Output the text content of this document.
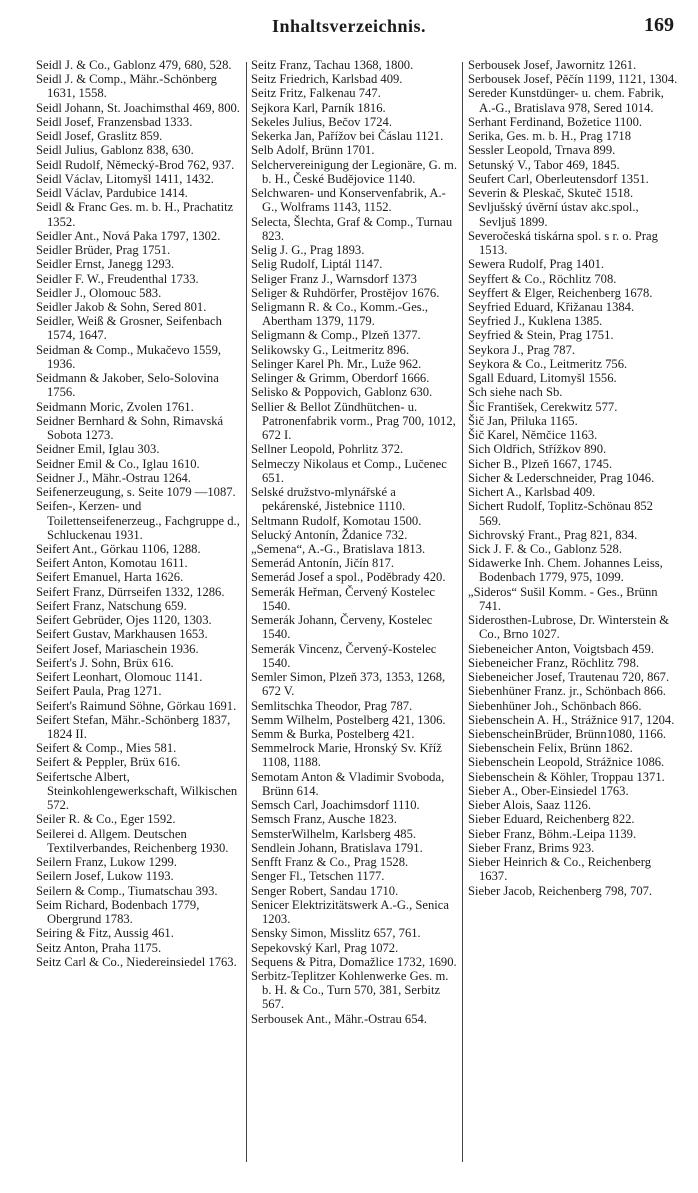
Inhaltsverzeichnis.	169
Seidl J. & Co., Gablonz 479, 680, 528.
Seidl J. & Comp., Mähr.-Schönberg 1631, 1558.
Seidl Johann, St. Joachimsthal 469, 800.
Seidl Josef, Franzensbad 1333.
Seidl Josef, Graslitz 859.
Seidl Julius, Gablonz 838, 630.
Seidl Rudolf, Německý-Brod 762, 937.
Seidl Václav, Litomyšl 1411, 1432.
Seidl Václav, Pardubice 1414.
Seidl & Franc Ges. m. b. H., Prachatitz 1352.
Seidler Ant., Nová Paka 1797, 1302.
Seidler Brüder, Prag 1751.
Seidler Ernst, Janegg 1293.
Seidler F. W., Freudenthal 1733.
Seidler J., Olomouc 583.
Seidler Jakob & Sohn, Sered 801.
Seidler, Weiß & Grosner, Seifenbach 1574, 1647.
Seidman & Comp., Mukačevo 1559, 1936.
Seidmann & Jakober, Selo-Solovina 1756.
Seidmann Moric, Zvolen 1761.
Seidner Bernhard & Sohn, Rimavská Sobota 1273.
Seidner Emil, Iglau 303.
Seidner Emil & Co., Iglau 1610.
Seidner J., Mähr.-Ostrau 1264.
Seifenerzeugung, s. Seite 1079 —1087.
Seifen-, Kerzen- und Toilettenseifenerzeug., Fachgruppe d., Schluckenau 1931.
Seifert Ant., Görkau 1106, 1288.
Seifert Anton, Komotau 1611.
Seifert Emanuel, Harta 1626.
Seifert Franz, Dürrseifen 1332, 1286.
Seifert Franz, Natschung 659.
Seifert Gebrüder, Ojes 1120, 1303.
Seifert Gustav, Markhausen 1653.
Seifert Josef, Mariaschein 1936.
Seifert's J. Sohn, Brüx 616.
Seifert Leonhart, Olomouc 1141.
Seifert Paula, Prag 1271.
Seifert's Raimund Söhne, Görkau 1691.
Seifert Stefan, Mähr.-Schönberg 1837, 1824 II.
Seifert & Comp., Mies 581.
Seifert & Peppler, Brüx 616.
Seifertsche Albert, Steinkohlengewerkschaft, Wilkischen 572.
Seiler R. & Co., Eger 1592.
Seilerei d. Allgem. Deutschen Textilverbandes, Reichenberg 1930.
Seilern Franz, Lukow 1299.
Seilern Josef, Lukow 1193.
Seilern & Comp., Tiumatschau 393.
Seim Richard, Bodenbach 1779, Obergrund 1783.
Seiring & Fitz, Aussig 461.
Seitz Anton, Praha 1175.
Seitz Carl & Co., Niedereinsiedel 1763.
Seitz Franz, Tachau 1368, 1800.
Seitz Friedrich, Karlsbad 409.
Seitz Fritz, Falkenau 747.
Sejkora Karl, Parník 1816.
Sekeles Julius, Bečov 1724.
Sekerka Jan, Pařížov bei Čáslau 1121.
Selb Adolf, Brünn 1701.
Selchervereinigung der Legionäre, G. m. b. H., České Budějovice 1140.
Selchwaren- und Konservenfabrik, A.-G., Wolframs 1143, 1152.
Selecta, Šlechta, Graf & Comp., Turnau 823.
Selig J. G., Prag 1893.
Selig Rudolf, Liptál 1147.
Seliger Franz J., Warnsdorf 1373
Seliger & Ruhdörfer, Prostějov 1676.
Seligmann R. & Co., Komm.-Ges., Abertham 1379, 1179.
Seligmann & Comp., Plzeň 1377.
Selikowsky G., Leitmeritz 896.
Selinger Karel Ph. Mr., Luže 962.
Selinger & Grimm, Oberdorf 1666.
Selisko & Poppovich, Gablonz 630.
Sellier & Bellot Zündhütchen- u. Patronenfabrik vorm., Prag 700, 1012, 672 I.
Sellner Leopold, Pohrlitz 372.
Selmeczy Nikolaus et Comp., Lučenec 651.
Selské družstvo-mlynářské a pekárenské, Jistebnice 1110.
Seltmann Rudolf, Komotau 1500.
Selucký Antonín, Ždanice 732.
„Semena“, A.-G., Bratislava 1813.
Semerád Antonín, Jičín 817.
Semerád Josef a spol., Poděbrady 420.
Semerák Heřman, Červený Kostelec 1540.
Semerák Johann, Červeny, Kostelec 1540.
Semerák Vincenz, Červený-Kostelec 1540.
Semler Simon, Plzeň 373, 1353, 1268, 672 V.
Semlitschka Theodor, Prag 787.
Semm Wilhelm, Postelberg 421, 1306.
Semm & Burka, Postelberg 421.
Semmelrock Marie, Hronský Sv. Kříž 1108, 1188.
Semotam Anton & Vladimir Svoboda, Brünn 614.
Semsch Carl, Joachimsdorf 1110.
Semsch Franz, Ausche 1823.
SemsterWilhelm, Karlsberg 485.
Sendlein Johann, Bratislava 1791.
Senfft Franz & Co., Prag 1528.
Senger Fl., Tetschen 1177.
Senger Robert, Sandau 1710.
Senicer Elektrizitätswerk A.-G., Senica 1203.
Sensky Simon, Misslitz 657, 761.
Sepekovský Karl, Prag 1072.
Sequens & Pitra, Domažlice 1732, 1690.
Serbitz-Teplitzer Kohlenwerke Ges. m. b. H. & Co., Turn 570, 381, Serbitz 567.
Serbousek Ant., Mähr.-Ostrau 654.
Serbousek Josef, Jawornitz 1261.
Serbousek Josef, Pěčín 1199, 1121, 1304.
Sereder Kunstdünger- u. chem. Fabrik, A.-G., Bratislava 978, Sered 1014.
Serhant Ferdinand, Božetice 1100.
Serika, Ges. m. b. H., Prag 1718
Sessler Leopold, Trnava 899.
Setunský V., Tabor 469, 1845.
Seufert Carl, Oberleutensdorf 1351.
Severin & Pleskač, Skuteč 1518.
Sevljušský úvěrní ústav akc.spol., Sevljuš 1899.
Severočeská tiskárna spol. s r. o. Prag 1513.
Sewera Rudolf, Prag 1401.
Seyffert & Co., Röchlitz 708.
Seyffert & Elger, Reichenberg 1678.
Seyfried Eduard, Křižanau 1384.
Seyfried J., Kuklena 1385.
Seyfried & Stein, Prag 1751.
Seykora J., Prag 787.
Seykora & Co., Leitmeritz 756.
Sgall Eduard, Litomyšl 1556.
Sch siehe nach Sb.
Šic František, Cerekwitz 577.
Šič Jan, Přiluka 1165.
Šič Karel, Němčice 1163.
Sich Oldřich, Střížkov 890.
Sicher B., Plzeň 1667, 1745.
Sicher & Lederschneider, Prag 1046.
Sichert A., Karlsbad 409.
Sichert Rudolf, Toplitz-Schönau 852 569.
Sichrovský Frant., Prag 821, 834.
Sick J. F. & Co., Gablonz 528.
Sidawerke Inh. Chem. Johannes Leiss, Bodenbach 1779, 975, 1099.
„Sideros“ Sušil Komm. - Ges., Brünn 741.
Siderosthen-Lubrose, Dr. Winterstein & Co., Brno 1027.
Siebeneicher Anton, Voigtsbach 459.
Siebeneicher Franz, Röchlitz 798.
Siebeneicher Josef, Trautenau 720, 867.
Siebenhüner Franz. jr., Schönbach 866.
Siebenhüner Joh., Schönbach 866.
Siebenschein A. H., Strážnice 917, 1204.
SiebenscheinBrüder, Brünn1080, 1166.
Siebenschein Felix, Brünn 1862.
Siebenschein Leopold, Strážnice 1086.
Siebenschein & Köhler, Troppau 1371.
Sieber A., Ober-Einsiedel 1763.
Sieber Alois, Saaz 1126.
Sieber Eduard, Reichenberg 822.
Sieber Franz, Böhm.-Leipa 1139.
Sieber Franz, Brims 923.
Sieber Heinrich & Co., Reichenberg 1637.
Sieber Jacob, Reichenberg 798, 707.
